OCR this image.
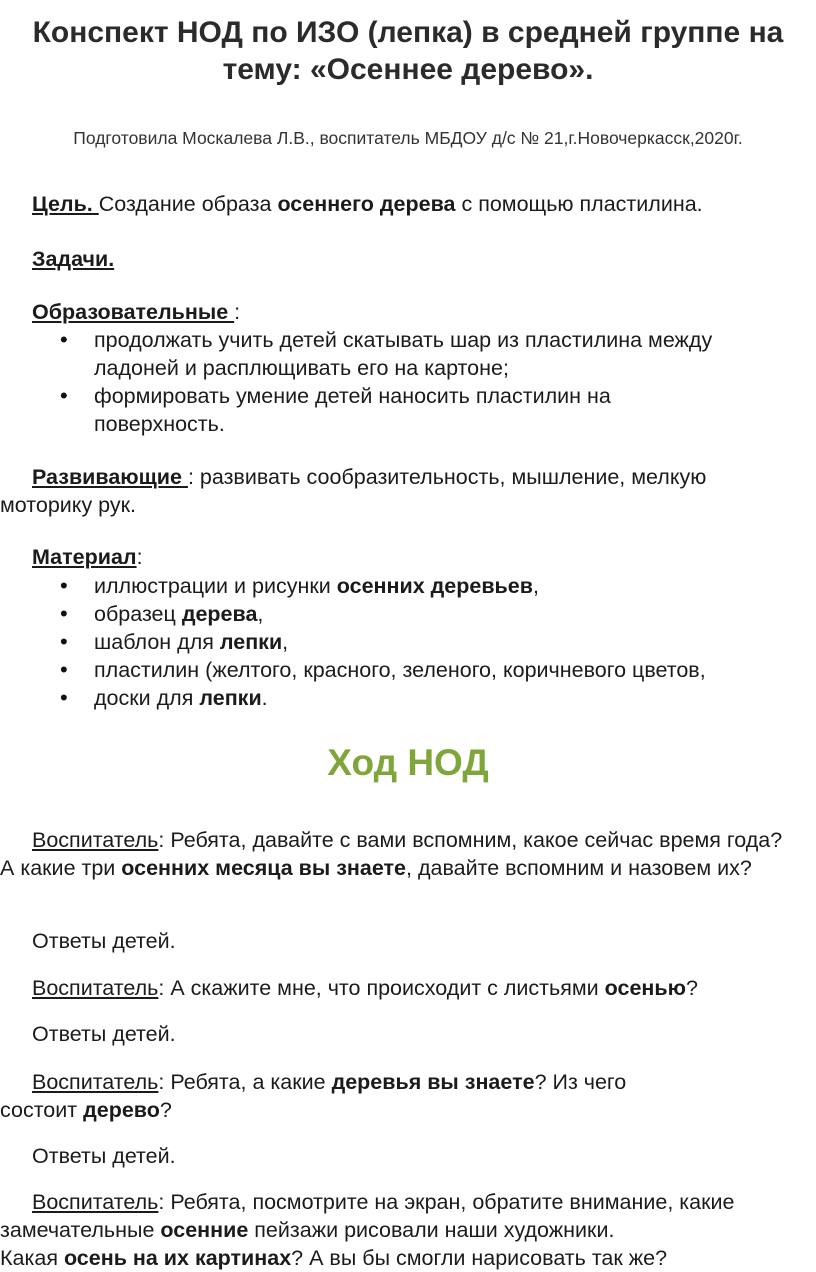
Конспект НОД по ИЗО (лепка) в средней группе на
тему: «Осеннее дерево».
Подготовила Москалева Л.В., воспитатель МБДОУ д/с № 21,г.Новочеркасск,2020г.
Цель. Создание образа осеннего дерева с помощью пластилина.
Задачи.
Образовательные :
• продолжать учить детей скатывать шар из пластилина между ладоней и расплющивать его на картоне;
• формировать умение детей наносить пластилин на поверхность.
Развивающие : развивать сообразительность, мышление, мелкую моторику рук.
Материал:
• иллюстрации и рисунки осенних деревьев,
• образец дерева,
• шаблон для лепки,
• пластилин (желтого, красного, зеленого, коричневого цветов,
• доски для лепки.
Ход НОД
Воспитатель: Ребята, давайте с вами вспомним, какое сейчас время года? А какие три осенних месяца вы знаете, давайте вспомним и назовем их?
Ответы детей.
Воспитатель: А скажите мне, что происходит с листьями осенью?
Ответы детей.
Воспитатель: Ребята, а какие деревья вы знаете? Из чего состоит дерево?
Ответы детей.
Воспитатель: Ребята, посмотрите на экран, обратите внимание, какие замечательные осенние пейзажи рисовали наши художники.
Какая осень на их картинах? А вы бы смогли нарисовать так же?
